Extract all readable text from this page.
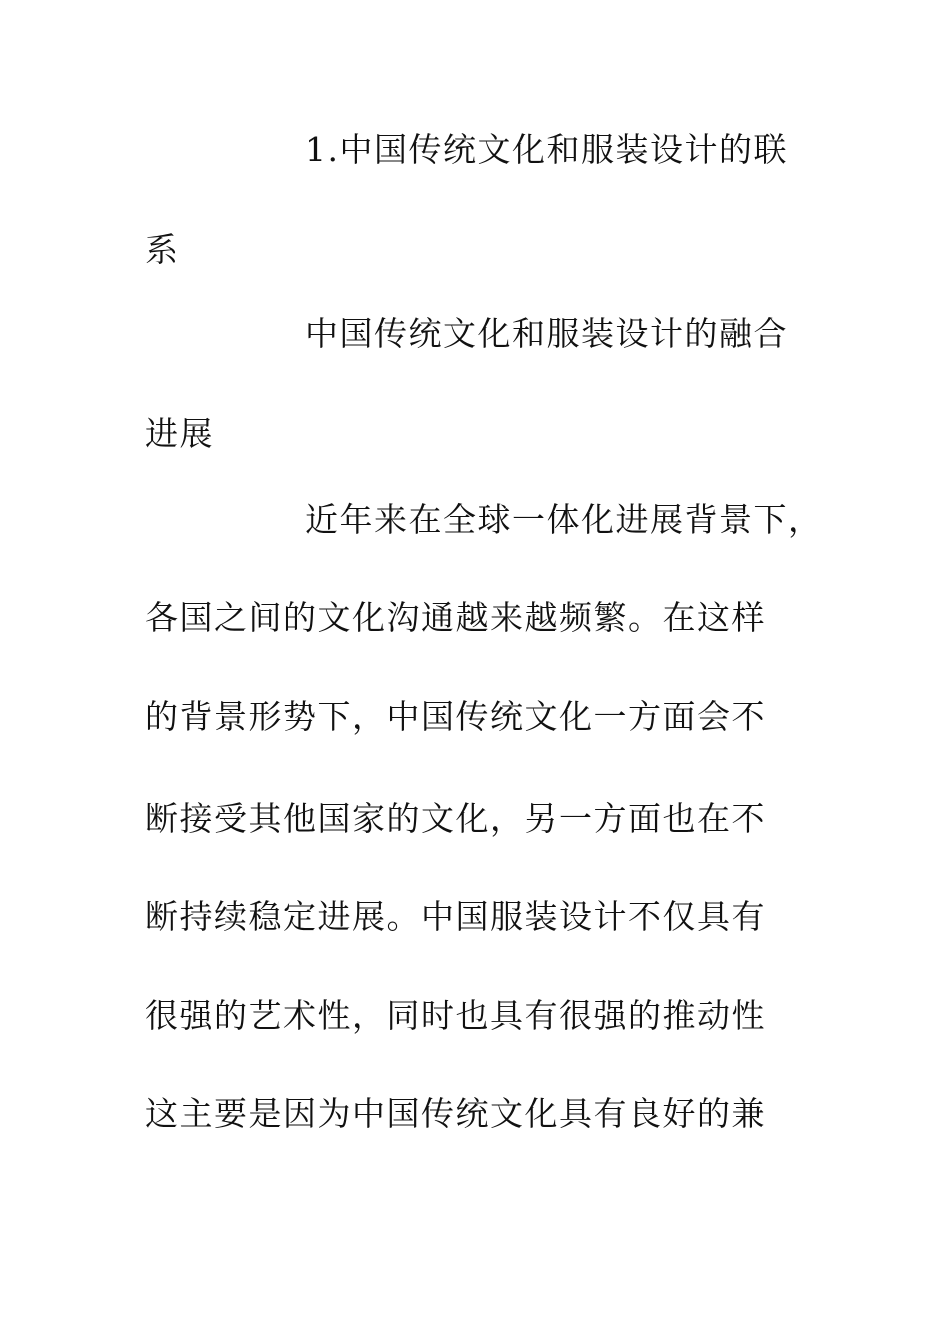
1.中国传统文化和服装设计的联
系
中国传统文化和服装设计的融合
进展
近年来在全球一体化进展背景下，
各国之间的文化沟通越来越频繁。在这样
的背景形势下，中国传统文化一方面会不
断接受其他国家的文化，另一方面也在不
断持续稳定进展。中国服装设计不仅具有
很强的艺术性，同时也具有很强的推动性
这主要是因为中国传统文化具有良好的兼
